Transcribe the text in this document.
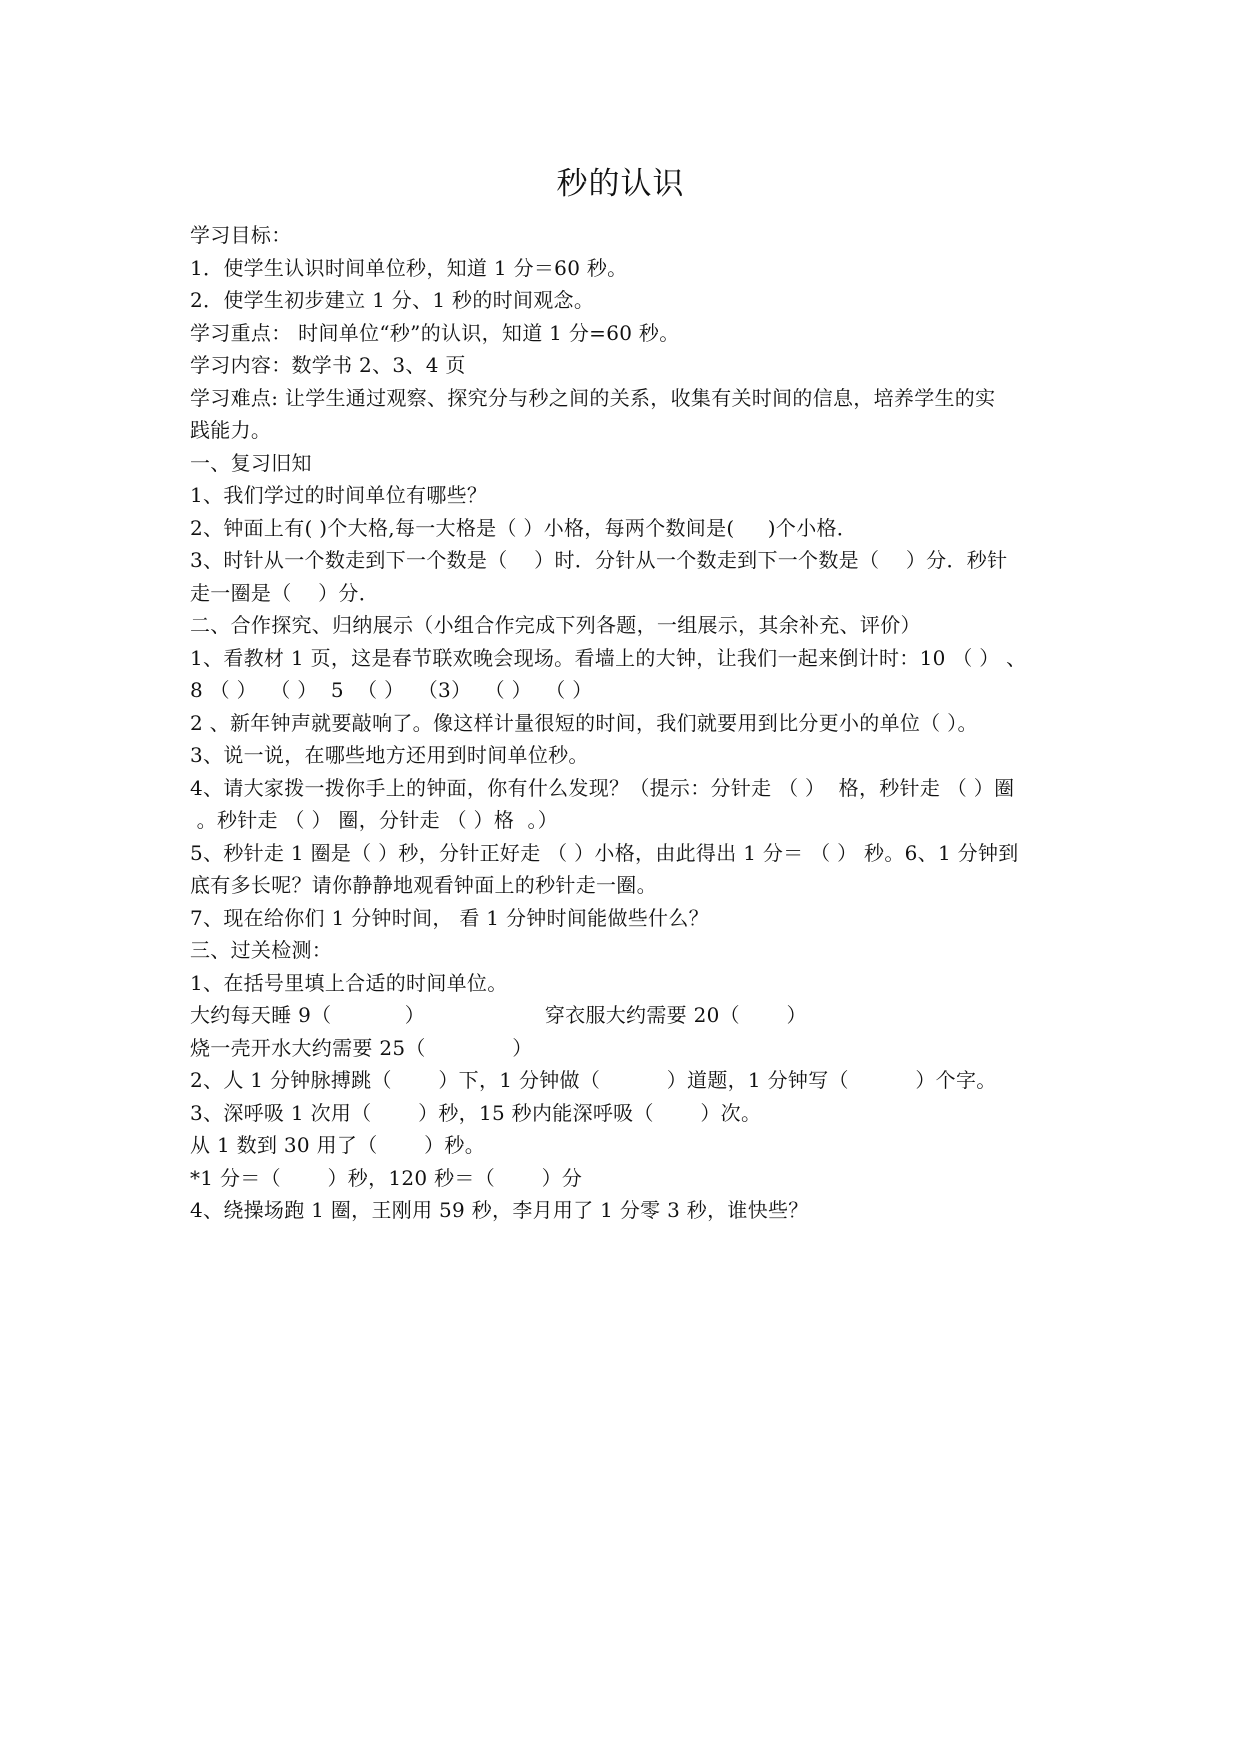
秒的认识
学习目标：
1．使学生认识时间单位秒，知道 1 分＝60 秒。
2．使学生初步建立 1 分、1 秒的时间观念。
学习重点： 时间单位“秒”的认识，知道 1 分=60 秒。
学习内容：数学书 2、3、4 页
学习难点: 让学生通过观察、探究分与秒之间的关系，收集有关时间的信息，培养学生的实
践能力。
一、复习旧知
1、我们学过的时间单位有哪些？
2、钟面上有( )个大格,每一大格是（ ）小格，每两个数间是(     )个小格．
3、时针从一个数走到下一个数是（    ）时．分针从一个数走到下一个数是（    ）分．秒针
走一圈是（    ）分．
二、合作探究、归纳展示（小组合作完成下列各题，一组展示，其余补充、评价）
1、看教材 1 页，这是春节联欢晚会现场。看墙上的大钟，让我们一起来倒计时：10 （ ） 、
8 （ ）  （ ）  5  （ ）  （3）  （ ）  （ ）
2 、新年钟声就要敲响了。像这样计量很短的时间，我们就要用到比分更小的单位（ ）。
3、说一说，在哪些地方还用到时间单位秒。
4、请大家拨一拨你手上的钟面，你有什么发现？（提示：分针走 （ ）  格，秒针走 （ ）圈
。秒针走 （ ） 圈，分针走 （ ）格  。）
5、秒针走 1 圈是（ ）秒，分针正好走 （ ）小格，由此得出 1 分＝ （ ） 秒。6、1 分钟到
底有多长呢？请你静静地观看钟面上的秒针走一圈。
7、现在给你们 1 分钟时间， 看 1 分钟时间能做些什么？
三、过关检测：
1、在括号里填上合适的时间单位。
大约每天睡 9（           ）                  穿衣服大约需要 20（       ）
烧一壳开水大约需要 25（             ）
2、人 1 分钟脉搏跳（       ）下，1 分钟做（          ）道题，1 分钟写（          ）个字。
3、深呼吸 1 次用（       ）秒，15 秒内能深呼吸（       ）次。
从 1 数到 30 用了（       ）秒。
*1 分＝（       ）秒，120 秒＝（       ）分
4、绕操场跑 1 圈，王刚用 59 秒，李月用了 1 分零 3 秒，谁快些？
